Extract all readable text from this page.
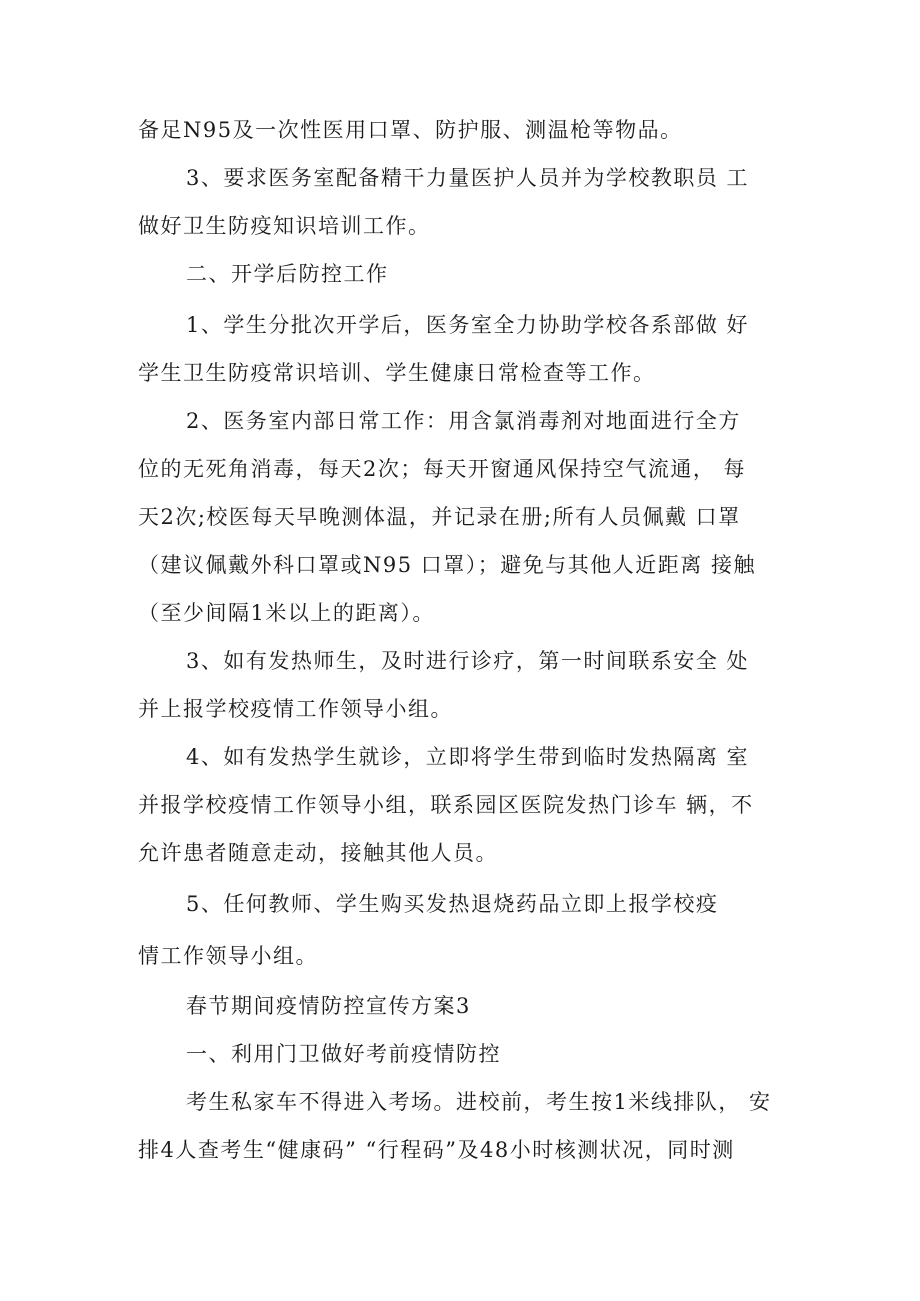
备足N95及一次性医用口罩、防护服、测温枪等物品。

3、要求医务室配备精干力量医护人员并为学校教职员 工

做好卫生防疫知识培训工作。

二、开学后防控工作

1、学生分批次开学后，医务室全力协助学校各系部做 好

学生卫生防疫常识培训、学生健康日常检查等工作。

2、医务室内部日常工作：用含氯消毒剂对地面进行全方

位的无死角消毒，每天2次；每天开窗通风保持空气流通， 每

天2次;校医每天早晚测体温，并记录在册;所有人员佩戴 口罩

（建议佩戴外科口罩或N95 口罩）；避免与其他人近距离 接触

（至少间隔1米以上的距离）。

3、如有发热师生，及时进行诊疗，第一时间联系安全 处

并上报学校疫情工作领导小组。

4、如有发热学生就诊，立即将学生带到临时发热隔离 室

并报学校疫情工作领导小组，联系园区医院发热门诊车 辆，不

允许患者随意走动，接触其他人员。

5、任何教师、学生购买发热退烧药品立即上报学校疫

情工作领导小组。

春节期间疫情防控宣传方案3

一、利用门卫做好考前疫情防控

考生私家车不得进入考场。进校前，考生按1米线排队， 安

排4人查考生“健康码” “行程码”及48小时核测状况，同时测
